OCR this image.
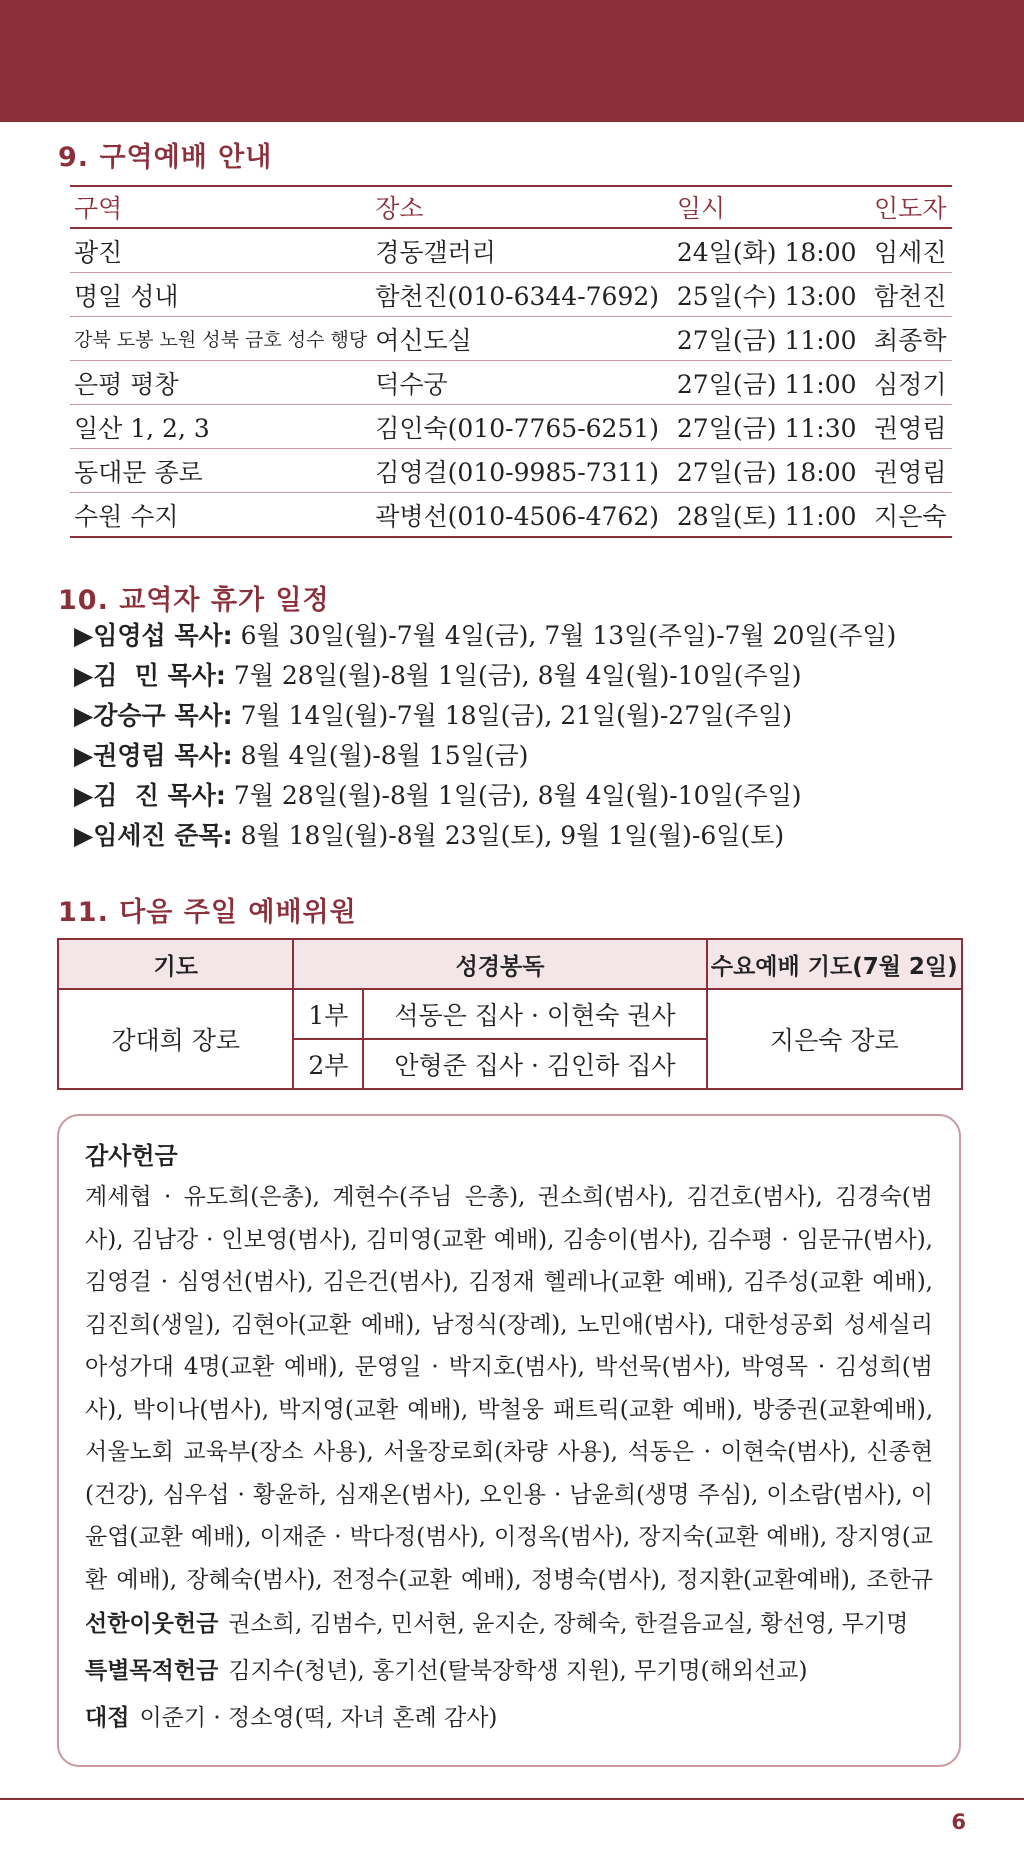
9. 구역예배 안내
구역	장소	일시	인도자
광진	경동갤러리	24일(화) 18:00	임세진
명일 성내	함천진(010-6344-7692)	25일(수) 13:00	함천진
강북 도봉 노원 성북 금호 성수 행당	여신도실	27일(금) 11:00	최종학
은평 평창	덕수궁	27일(금) 11:00	심정기
일산 1, 2, 3	김인숙(010-7765-6251)	27일(금) 11:30	권영림
동대문 종로	김영걸(010-9985-7311)	27일(금) 18:00	권영림
수원 수지	곽병선(010-4506-4762)	28일(토) 11:00	지은숙
10. 교역자 휴가 일정
▶임영섭 목사: 6월 30일(월)-7월 4일(금), 7월 13일(주일)-7월 20일(주일)
▶김  민 목사: 7월 28일(월)-8월 1일(금), 8월 4일(월)-10일(주일)
▶강승구 목사: 7월 14일(월)-7월 18일(금), 21일(월)-27일(주일)
▶권영림 목사: 8월 4일(월)-8월 15일(금)
▶김  진 목사: 7월 28일(월)-8월 1일(금), 8월 4일(월)-10일(주일)
▶임세진 준목: 8월 18일(월)-8월 23일(토), 9월 1일(월)-6일(토)
11. 다음 주일 예배위원
기도	성경봉독		수요예배 기도(7월 2일)
강대희 장로	1부	석동은 집사 · 이현숙 권사	지은숙 장로
	2부	안형준 집사 · 김인하 집사	
감사헌금
계세협 · 유도희(은총), 계현수(주님 은총), 권소희(범사), 김건호(범사), 김경숙(범사), 김남강 · 인보영(범사), 김미영(교환 예배), 김송이(범사), 김수평 · 임문규(범사), 김영걸 · 심영선(범사), 김은건(범사), 김정재 헬레나(교환 예배), 김주성(교환 예배), 김진희(생일), 김현아(교환 예배), 남정식(장례), 노민애(범사), 대한성공회 성세실리아성가대 4명(교환 예배), 문영일 · 박지호(범사), 박선묵(범사), 박영목 · 김성희(범사), 박이나(범사), 박지영(교환 예배), 박철웅 패트릭(교환 예배), 방중권(교환예배), 서울노회 교육부(장소 사용), 서울장로회(차량 사용), 석동은 · 이현숙(범사), 신종현(건강), 심우섭 · 황윤하, 심재온(범사), 오인용 · 남윤희(생명 주심), 이소람(범사), 이윤엽(교환 예배), 이재준 · 박다정(범사), 이정옥(범사), 장지숙(교환 예배), 장지영(교환 예배), 장혜숙(범사), 전정수(교환 예배), 정병숙(범사), 정지환(교환예배), 조한규
선한이웃헌금 권소희, 김범수, 민서현, 윤지순, 장혜숙, 한걸음교실, 황선영, 무기명
특별목적헌금 김지수(청년), 홍기선(탈북장학생 지원), 무기명(해외선교)
대접 이준기 · 정소영(떡, 자녀 혼례 감사)
6
